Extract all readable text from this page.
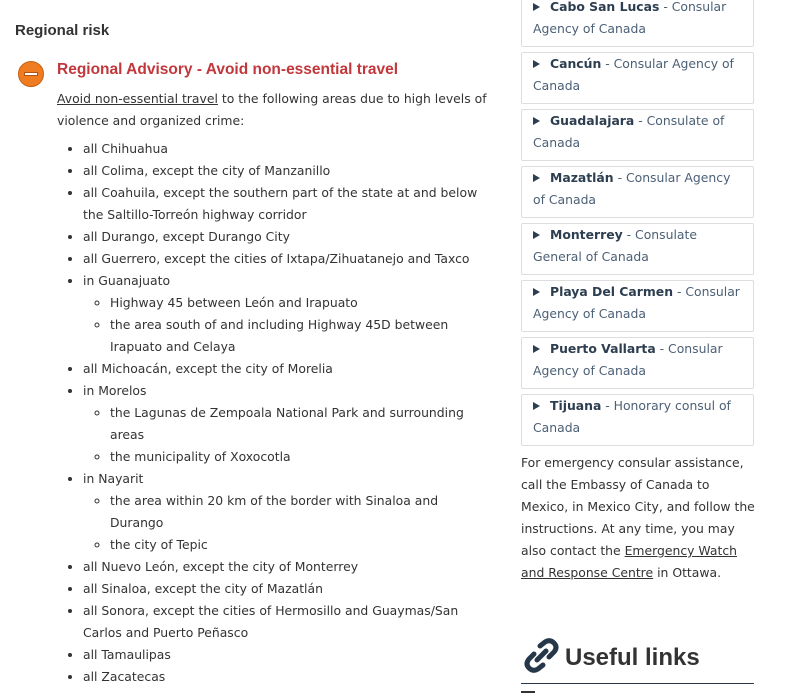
Regional risk
Regional Advisory - Avoid non-essential travel

Avoid non-essential travel to the following areas due to high levels of violence and organized crime:

• all Chihuahua
• all Colima, except the city of Manzanillo
• all Coahuila, except the southern part of the state at and below the Saltillo-Torreón highway corridor
• all Durango, except Durango City
• all Guerrero, except the cities of Ixtapa/Zihuatanejo and Taxco
• in Guanajuato
◦ Highway 45 between León and Irapuato
◦ the area south of and including Highway 45D between Irapuato and Celaya
• all Michoacán, except the city of Morelia
• in Morelos
◦ the Lagunas de Zempoala National Park and surrounding areas
◦ the municipality of Xoxocotla
• in Nayarit
◦ the area within 20 km of the border with Sinaloa and Durango
◦ the city of Tepic
• all Nuevo León, except the city of Monterrey
• all Sinaloa, except the city of Mazatlán
• all Sonora, except the cities of Hermosillo and Guaymas/San Carlos and Puerto Peñasco
• all Tamaulipas
• all Zacatecas
Cabo San Lucas - Consular Agency of Canada
Cancún - Consular Agency of Canada
Guadalajara - Consulate of Canada
Mazatlán - Consular Agency of Canada
Monterrey - Consulate General of Canada
Playa Del Carmen - Consular Agency of Canada
Puerto Vallarta - Consular Agency of Canada
Tijuana - Honorary consul of Canada

For emergency consular assistance, call the Embassy of Canada to Mexico, in Mexico City, and follow the instructions. At any time, you may also contact the Emergency Watch and Response Centre in Ottawa.

Useful links
